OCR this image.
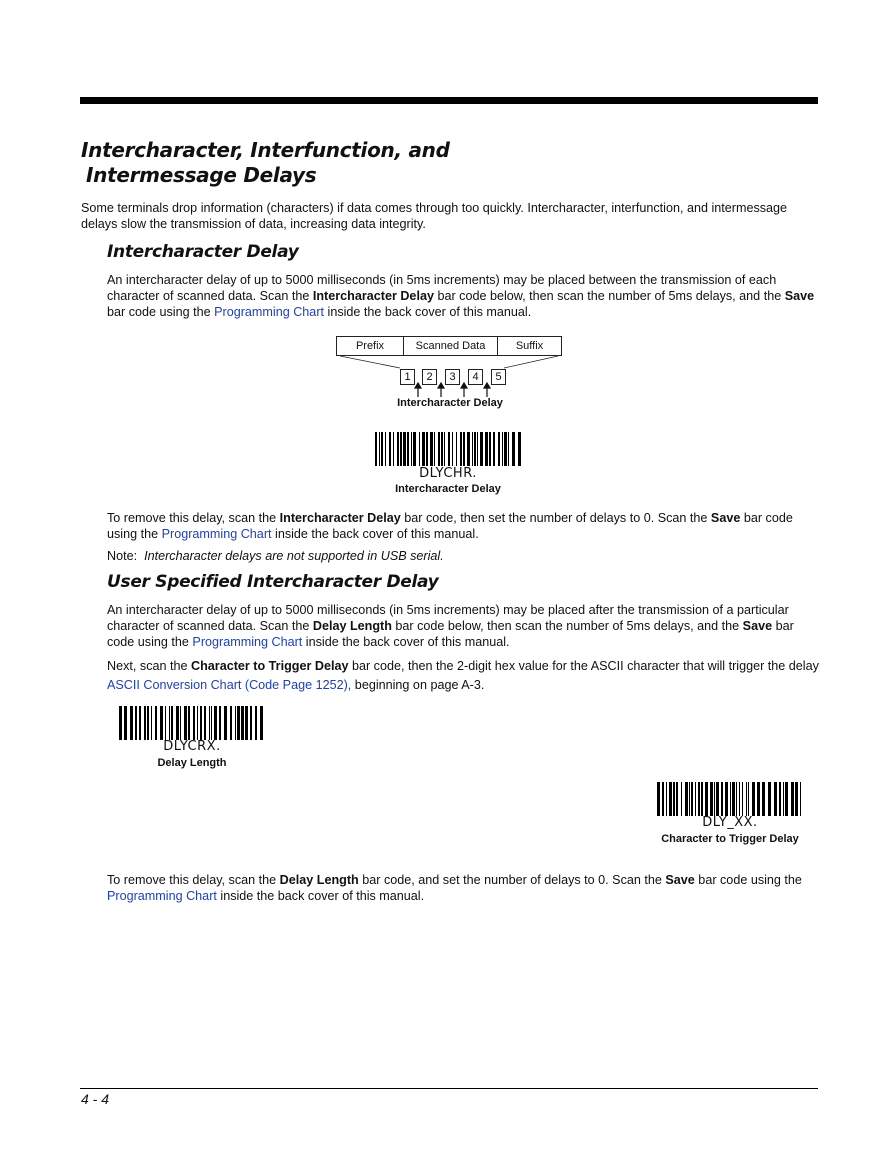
Intercharacter, Interfunction, and
Intermessage Delays

Some terminals drop information (characters) if data comes through too quickly. Intercharacter, interfunction, and intermessage delays slow the transmission of data, increasing data integrity.

Intercharacter Delay

An intercharacter delay of up to 5000 milliseconds (in 5ms increments) may be placed between the transmission of each character of scanned data. Scan the Intercharacter Delay bar code below, then scan the number of 5ms delays, and the Save bar code using the Programming Chart inside the back cover of this manual.

Prefix	Scanned Data	Suffix
1	2	3	4	5
Intercharacter Delay
DLYCHR.
Intercharacter Delay

To remove this delay, scan the Intercharacter Delay bar code, then set the number of delays to 0. Scan the Save bar code using the Programming Chart inside the back cover of this manual.

Note: Intercharacter delays are not supported in USB serial.

User Specified Intercharacter Delay

An intercharacter delay of up to 5000 milliseconds (in 5ms increments) may be placed after the transmission of a particular character of scanned data. Scan the Delay Length bar code below, then scan the number of 5ms delays, and the Save bar code using the Programming Chart inside the back cover of this manual.

Next, scan the Character to Trigger Delay bar code, then the 2-digit hex value for the ASCII character that will trigger the delay ASCII Conversion Chart (Code Page 1252), beginning on page A-3.

DLYCRX.
Delay Length
DLY_XX.
Character to Trigger Delay

To remove this delay, scan the Delay Length bar code, and set the number of delays to 0. Scan the Save bar code using the Programming Chart inside the back cover of this manual.

4 - 4
